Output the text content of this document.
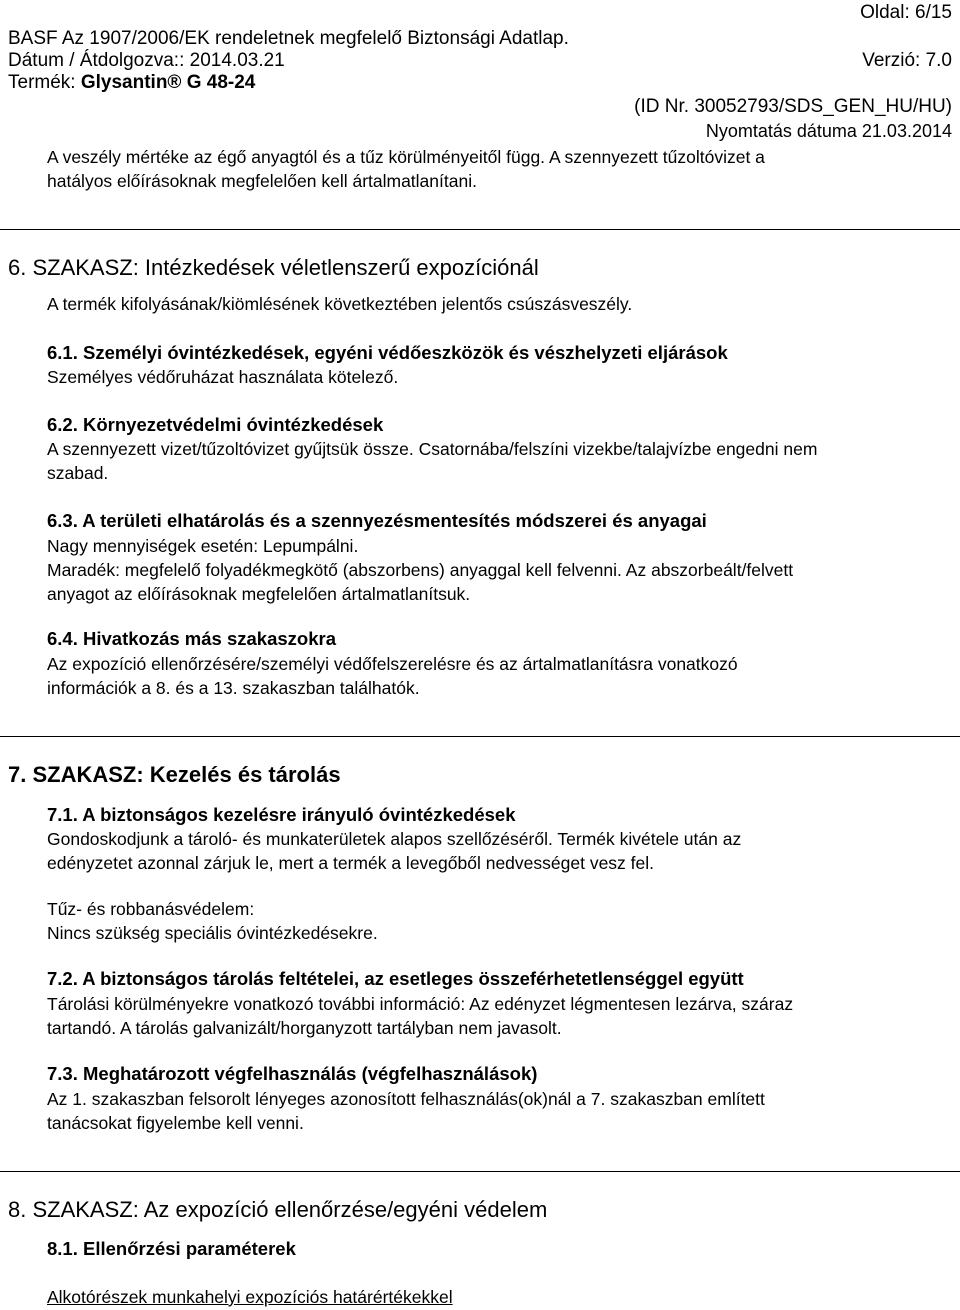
Oldal: 6/15
BASF Az 1907/2006/EK rendeletnek megfelelő Biztonsági Adatlap.
Dátum / Átdolgozva:: 2014.03.21	Verzió: 7.0
Termék: Glysantin® G 48-24
(ID Nr. 30052793/SDS_GEN_HU/HU)
Nyomtatás dátuma 21.03.2014
A veszély mértéke az égő anyagtól és a tűz körülményeitől függ. A szennyezett tűzoltóvizet a
hatályos előírásoknak megfelelően kell ártalmatlanítani.
6. SZAKASZ: Intézkedések véletlenszerű expozíciónál
A termék kifolyásának/kiömlésének következtében jelentős csúszásveszély.
6.1. Személyi óvintézkedések, egyéni védőeszközök és vészhelyzeti eljárások
Személyes védőruházat használata kötelező.
6.2. Környezetvédelmi óvintézkedések
A szennyezett vizet/tűzoltóvizet gyűjtsük össze. Csatornába/felszíni vizekbe/talajvízbe engedni nem
szabad.
6.3. A területi elhatárolás és a szennyezésmentesítés módszerei és anyagai
Nagy mennyiségek esetén: Lepumpálni.
Maradék: megfelelő folyadékmegkötő (abszorbens) anyaggal kell felvenni. Az abszorbeált/felvett
anyagot az előírásoknak megfelelően ártalmatlanítsuk.
6.4. Hivatkozás más szakaszokra
Az expozíció ellenőrzésére/személyi védőfelszerelésre és az ártalmatlanításra vonatkozó
információk a 8. és a 13. szakaszban találhatók.
7. SZAKASZ: Kezelés és tárolás
7.1. A biztonságos kezelésre irányuló óvintézkedések
Gondoskodjunk a tároló- és munkaterületek alapos szellőzéséről. Termék kivétele után az
edényzetet azonnal zárjuk le, mert a termék a levegőből nedvességet vesz fel.
Tűz- és robbanásvédelem:
Nincs szükség speciális óvintézkedésekre.
7.2. A biztonságos tárolás feltételei, az esetleges összeférhetetlenséggel együtt
Tárolási körülményekre vonatkozó további információ: Az edényzet légmentesen lezárva, száraz
tartandó. A tárolás galvanizált/horganyzott tartályban nem javasolt.
7.3. Meghatározott végfelhasználás (végfelhasználások)
Az 1. szakaszban felsorolt lényeges azonosított felhasználás(ok)nál a 7. szakaszban említett
tanácsokat figyelembe kell venni.
8. SZAKASZ: Az expozíció ellenőrzése/egyéni védelem
8.1. Ellenőrzési paraméterek
Alkotórészek munkahelyi expozíciós határértékekkel
